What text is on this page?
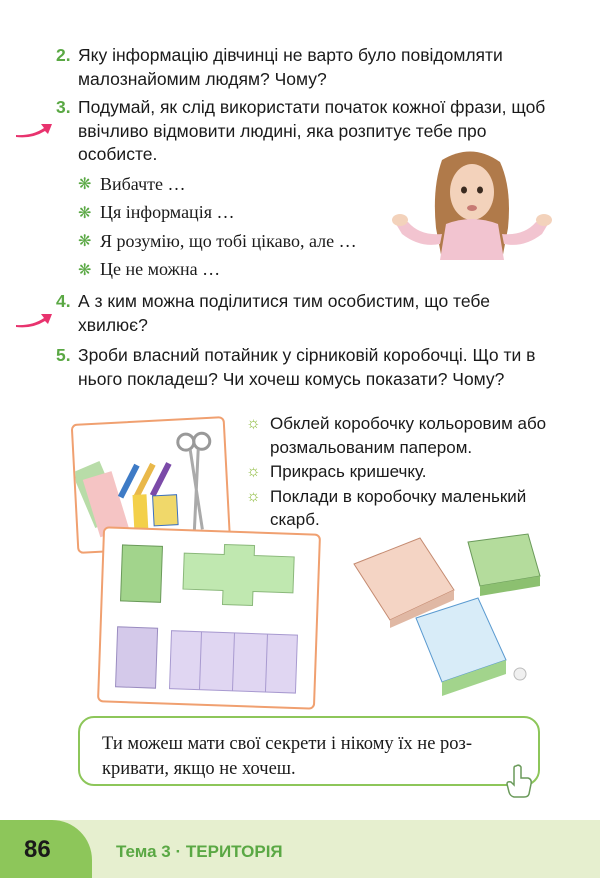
2. Яку інформацію дівчинці не варто було повідомляти малознайомим людям? Чому?
3. Подумай, як слід використати початок кожної фрази, щоб ввічливо відмовити людині, яка розпитує тебе про особисте.
❋ Вибачте …
❋ Ця інформація …
❋ Я розумію, що тобі цікаво, але …
❋ Це не можна …
4. А з ким можна поділитися тим особистим, що тебе хвилює?
5. Зроби власний потайник у сірниковій коробочці. Що ти в нього покладеш? Чи хочеш комусь показати? Чому?
☼ Обклей коробочку кольоровим або розмальованим папером.
☼ Прикрась кришечку.
☼ Поклади в коробочку маленький скарб.
Ти можеш мати свої секрети і нікому їх не розкривати, якщо не хочеш.
86	Тема 3 · ТЕРИТОРІЯ
